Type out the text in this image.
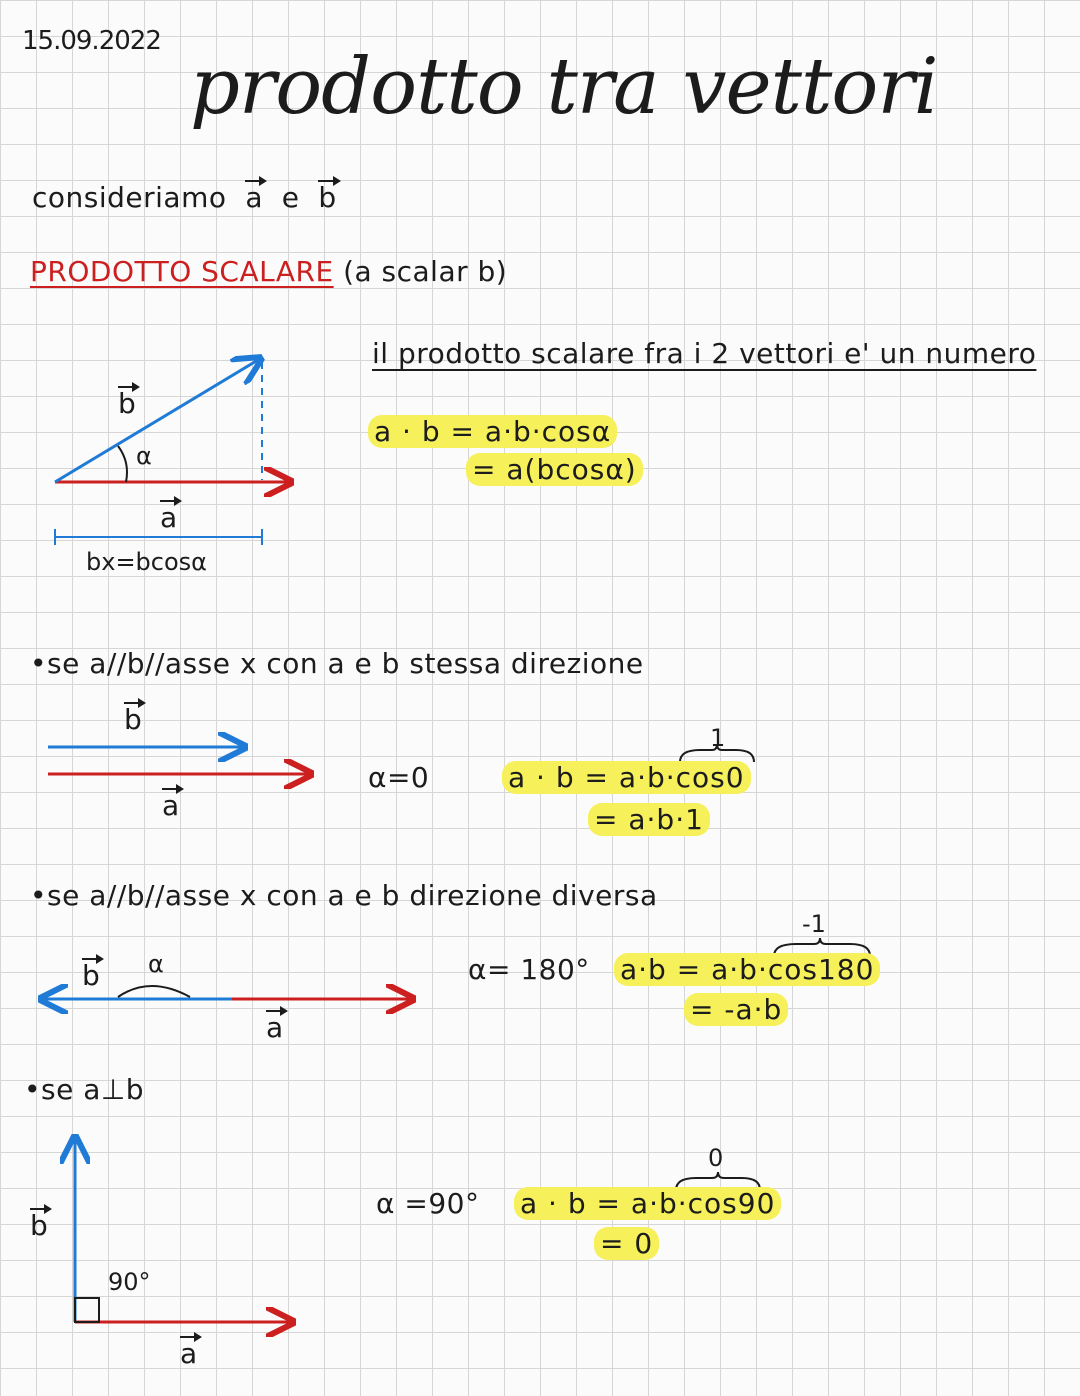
15.09.2022
prodotto tra vettori
consideriamo a e b
PRODOTTO SCALARE (a scalar b)
b
α
a
bx=bcosα
il prodotto scalare fra i 2 vettori e' un numero
a · b = a·b·cosα
= a(bcosα)
•se a//b//asse x con a e b stessa direzione
b
a
α=0
1
a · b = a·b·cos0
= a·b·1
•se a//b//asse x con a e b direzione diversa
b α
a
α= 180°
-1
a·b = a·b·cos180
= -a·b
•se a⊥b
b
90°
a
α =90°
0
a · b = a·b·cos90
= 0
